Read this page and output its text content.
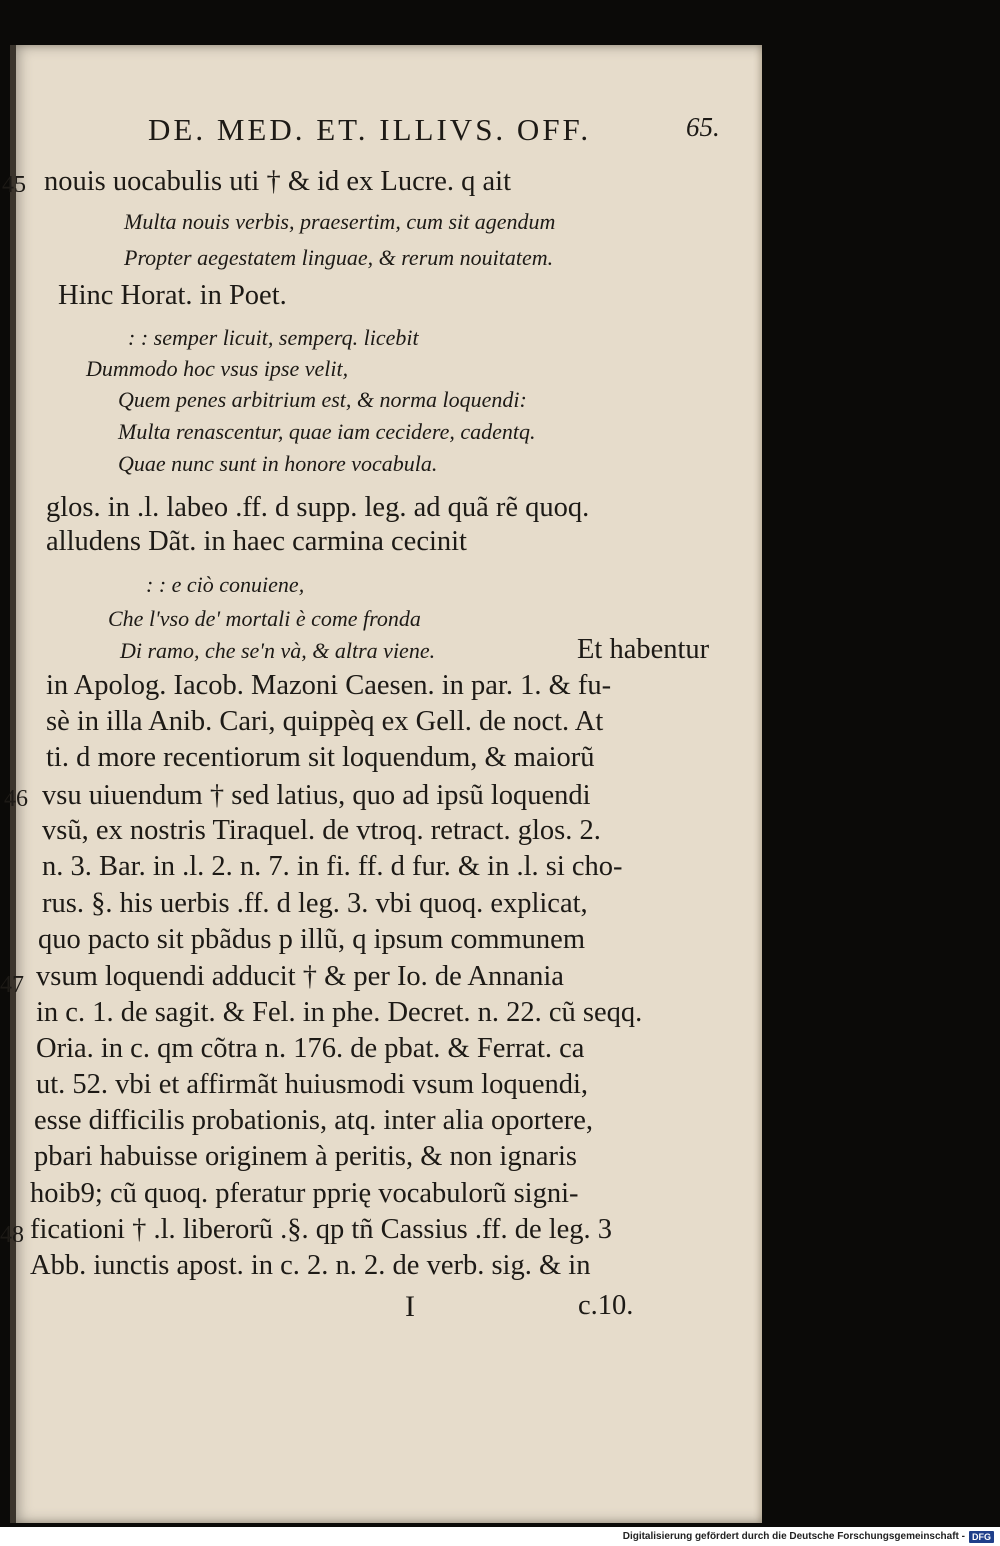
DE. MED. ET. ILLIVS. OFF.	65.
45
46
47
48
nouis uocabulis uti † & id ex Lucre. q ait
Multa nouis verbis, praesertim, cum sit agendum
Propter aegestatem linguae, & rerum nouitatem.
Hinc Horat. in Poet.
: : semper licuit, semperq. licebit
Dummodo hoc vsus ipse velit,
Quem penes arbitrium est, & norma loquendi:
Multa renascentur, quae iam cecidere, cadentq.
Quae nunc sunt in honore vocabula.
glos. in .l. labeo .ff. d supp. leg. ad quã rẽ quoq.
alludens Dãt. in haec carmina cecinit
: : e ciò conuiene,
Che l'vso de' mortali è come fronda
Di ramo, che se'n và, & altra viene.	Et habentur
in Apolog. Iacob. Mazoni Caesen. in par. 1. & fu-
sè in illa Anib. Cari, quippèq ex Gell. de noct. At
ti. d more recentiorum sit loquendum, & maiorũ
vsu uiuendum † sed latius, quo ad ipsũ loquendi
vsũ, ex nostris Tiraquel. de vtroq. retract. glos. 2.
n. 3. Bar. in .l. 2. n. 7. in fi. ff. d fur. & in .l. si cho-
rus. §. his uerbis .ff. d leg. 3. vbi quoq. explicat,
quo pacto sit pbãdus p illũ, q ipsum communem
vsum loquendi adducit † & per Io. de Annania
in c. 1. de sagit. & Fel. in phe. Decret. n. 22. cũ seqq.
Oria. in c. qm cõtra n. 176. de pbat. & Ferrat. ca
ut. 52. vbi et affirmãt huiusmodi vsum loquendi,
esse difficilis probationis, atq. inter alia oportere,
pbari habuisse originem à peritis, & non ignaris
hoib9; cũ quoq. pferatur pprię vocabulorũ signi-
ficationi † .l. liberorũ .§. qp tñ Cassius .ff. de leg. 3
Abb. iunctis apost. in c. 2. n. 2. de verb. sig. & in
I	c.10.
Digitalisierung gefördert durch die Deutsche Forschungsgemeinschaft - DFG
